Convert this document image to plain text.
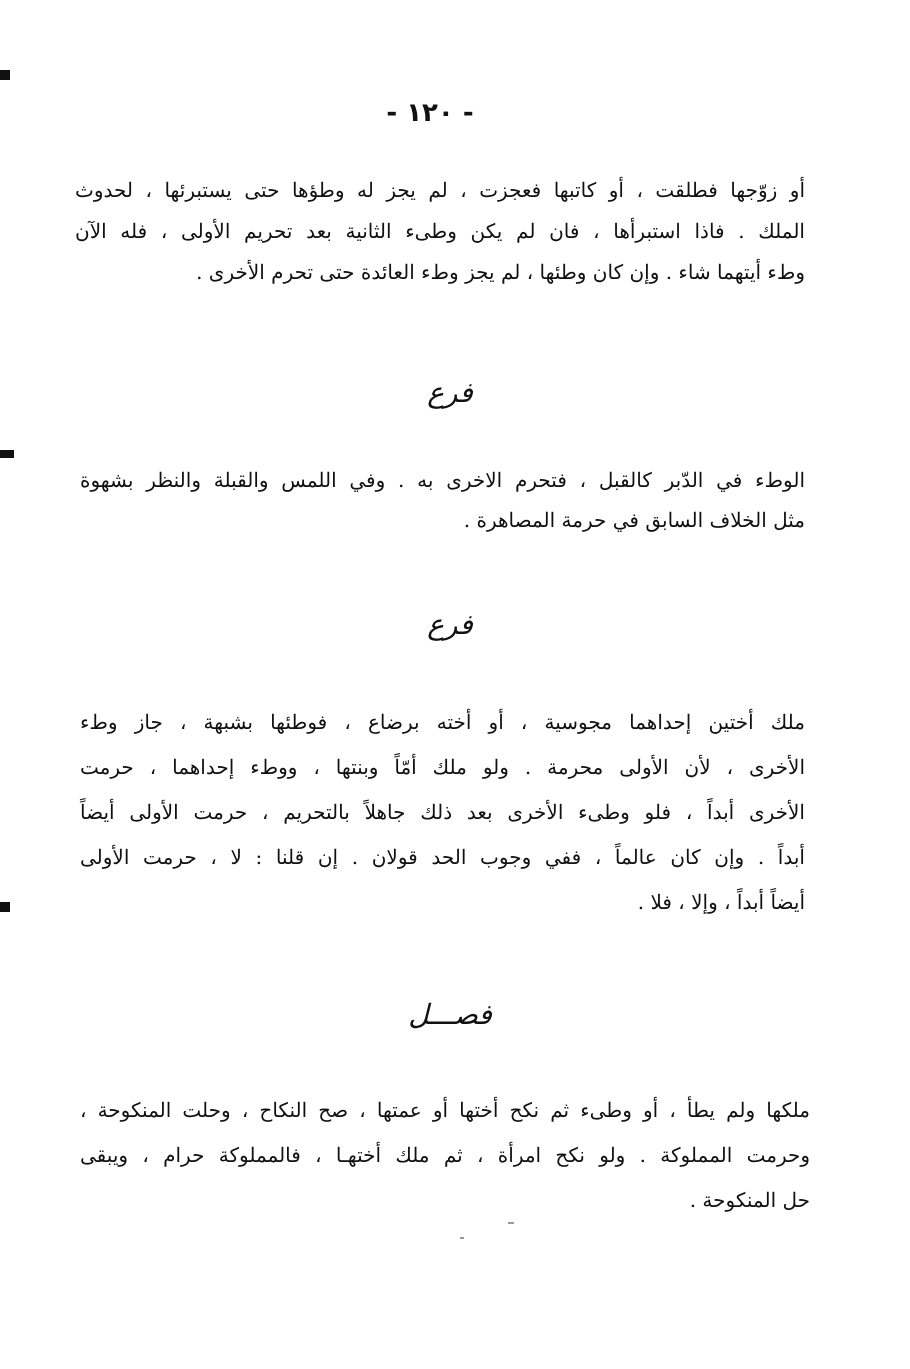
- ١٢٠ -
أو زوّجها فطلقت ، أو كاتبها فعجزت ، لم يجز له وطؤها حتى يستبرئها ، لحدوث
الملك . فاذا استبرأها ، فان لم يكن وطىء الثانية بعد تحريم الأولى ، فله الآن
وطء أيتهما شاء . وإن كان وطئها ، لم يجز وطء العائدة حتى تحرم الأخرى .
فرع
الوطء في الدّبر كالقبل ، فتحرم الاخرى به . وفي اللمس والقبلة والنظر بشهوة
مثل الخلاف السابق في حرمة المصاهرة .
فرع
ملك أختين إحداهما مجوسية ، أو أخته برضاع ، فوطئها بشبهة ، جاز وطء
الأخرى ، لأن الأولى محرمة . ولو ملك أمّاً وبنتها ، ووطء إحداهما ، حرمت
الأخرى أبداً ، فلو وطىء الأخرى بعد ذلك جاهلاً بالتحريم ، حرمت الأولى أيضاً
أبداً . وإن كان عالماً ، ففي وجوب الحد قولان . إن قلنا : لا ، حرمت الأولى
أيضاً أبداً ، وإلا ، فلا .
فصـــل
ملكها ولم يطأ ، أو وطىء ثم نكح أختها أو عمتها ، صح النكاح ، وحلت المنكوحة ،
وحرمت المملوكة . ولو نكح امرأة ، ثم ملك أختهـا ، فالمملوكة حرام ، ويبقى
حل المنكوحة .
